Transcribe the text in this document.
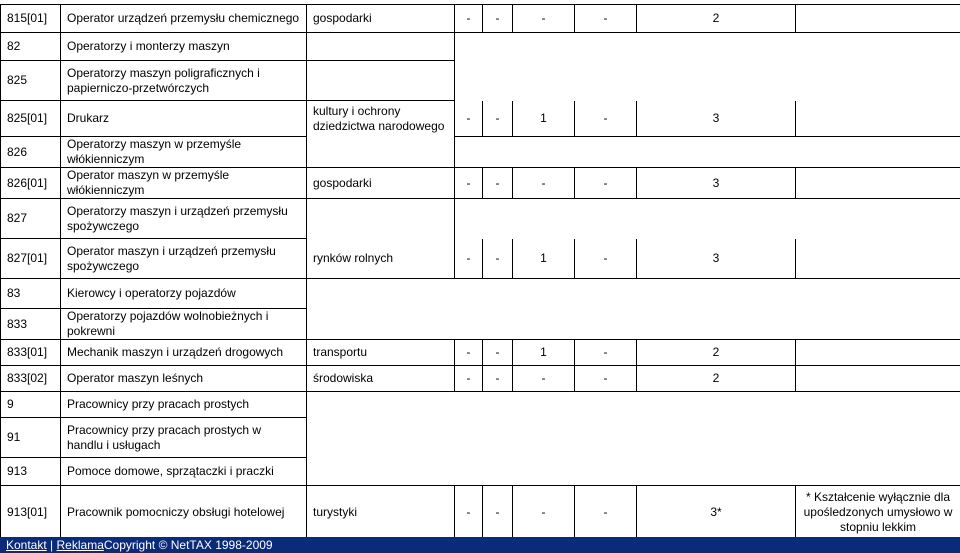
815[01]	Operator urządzeń przemysłu chemicznego	gospodarki	-	-	-	-	2	
82	Operatorzy i monterzy maszyn							
825	Operatorzy maszyn poligraficznych i papierniczo-przetwórczych							
825[01]	Drukarz	kultury i ochrony dziedzictwa narodowego	-	-	1	-	3	
826	Operatorzy maszyn w przemyśle włókienniczym							
826[01]	Operator maszyn w przemyśle włókienniczym	gospodarki	-	-	-	-	3	
827	Operatorzy maszyn i urządzeń przemysłu spożywczego							
827[01]	Operator maszyn i urządzeń przemysłu spożywczego	rynków rolnych	-	-	1	-	3	
83	Kierowcy i operatorzy pojazdów							
833	Operatorzy pojazdów wolnobieżnych i pokrewni							
833[01]	Mechanik maszyn i urządzeń drogowych	transportu	-	-	1	-	2	
833[02]	Operator maszyn leśnych	środowiska	-	-	-	-	2	
9	Pracownicy przy pracach prostych							
91	Pracownicy przy pracach prostych w handlu i usługach							
913	Pomoce domowe, sprzątaczki i praczki							
913[01]	Pracownik pomocniczy obsługi hotelowej	turystyki	-	-	-	-	3*	* Kształcenie wyłącznie dla upośledzonych umysłowo w stopniu lekkim
Kontakt | ReklamaCopyright © NetTAX 1998-2009
